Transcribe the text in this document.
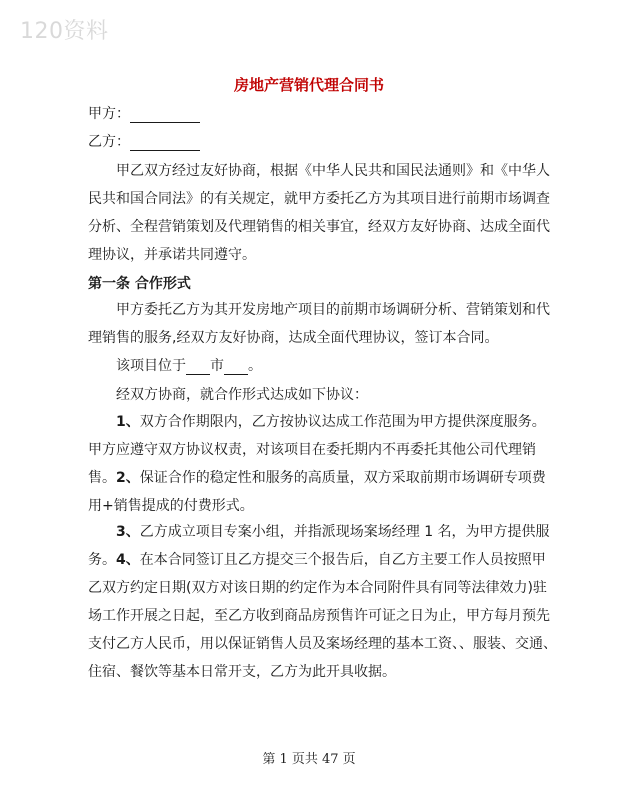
120资料
房地产营销代理合同书

甲方：

乙方：

甲乙双方经过友好协商，根据《中华人民共和国民法通则》和《中华人民共和国合同法》的有关规定，就甲方委托乙方为其项目进行前期市场调查分析、全程营销策划及代理销售的相关事宜，经双方友好协商、达成全面代理协议，并承诺共同遵守。

第一条 合作形式

甲方委托乙方为其开发房地产项目的前期市场调研分析、营销策划和代理销售的服务,经双方友好协商，达成全面代理协议，签订本合同。

该项目位于 市 。

经双方协商，就合作形式达成如下协议：

1、双方合作期限内，乙方按协议达成工作范围为甲方提供深度服务。甲方应遵守双方协议权责，对该项目在委托期内不再委托其他公司代理销售。 2、保证合作的稳定性和服务的高质量，双方采取前期市场调研专项费用+销售提成的付费形式。

3、乙方成立项目专案小组，并指派现场案场经理 1 名，为甲方提供服务。 4、在本合同签订且乙方提交三个报告后，自乙方主要工作人员按照甲乙双方约定日期(双方对该日期的约定作为本合同附件具有同等法律效力)驻场工作开展之日起，至乙方收到商品房预售许可证之日为止，甲方每月预先支付乙方人民币，用以保证销售人员及案场经理的基本工资、、服装、交通、住宿、餐饮等基本日常开支，乙方为此开具收据。

第 1 页共 47 页
